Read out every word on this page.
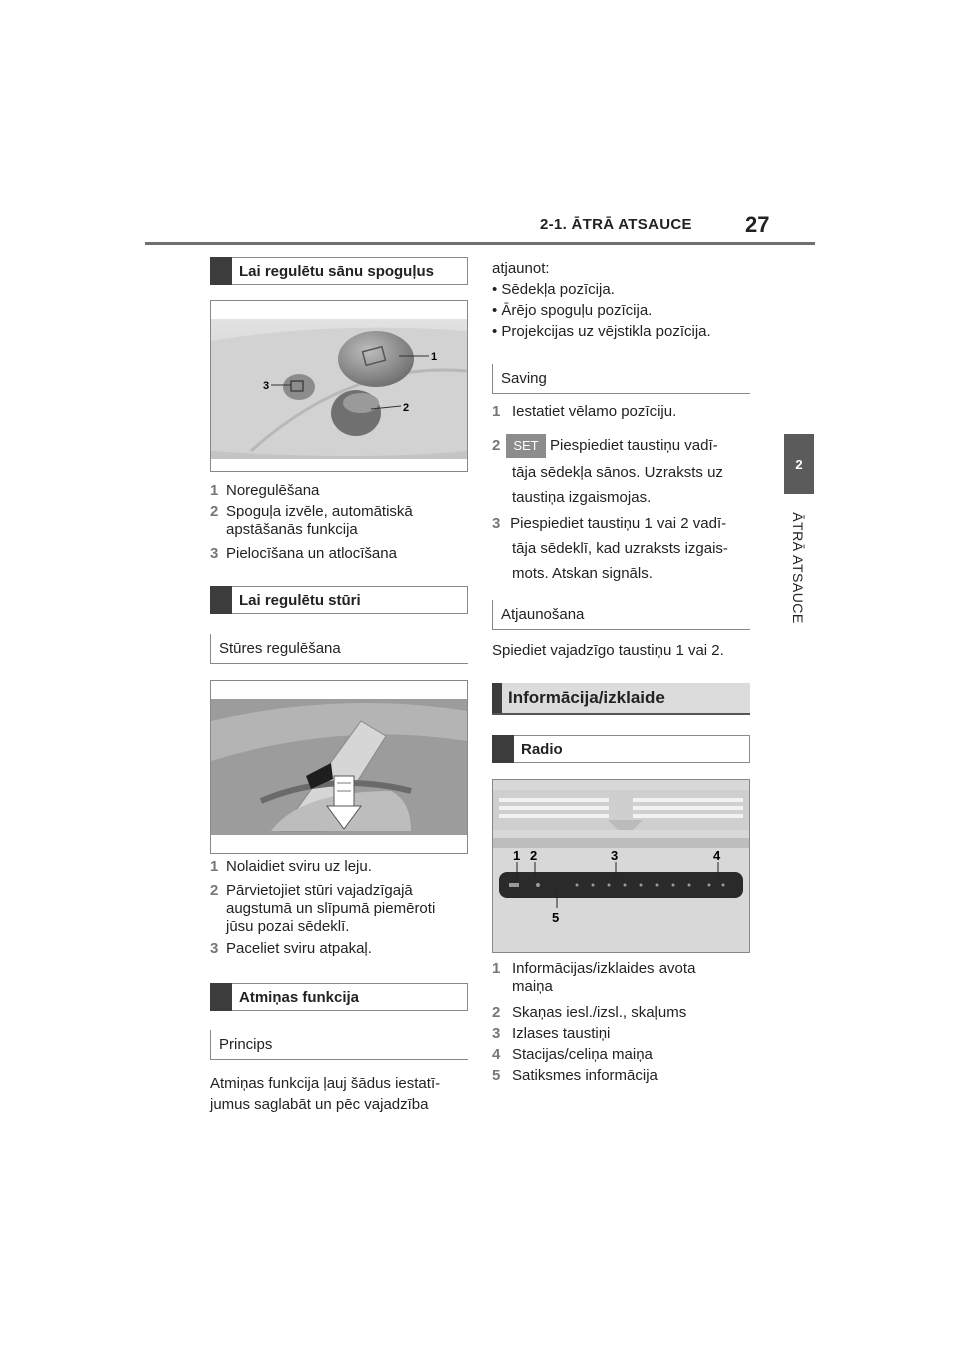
2-1. ĀTRĀ ATSAUCE 27
2
ĀTRĀ ATSAUCE
Lai regulētu sānu spoguļus
1
2
3
1 Noregulēšana
2 Spoguļa izvēle, automātiskā
apstāšanās funkcija
3 Pielocīšana un atlocīšana
Lai regulētu stūri
Stūres regulēšana
1 Nolaidiet sviru uz leju.
2 Pārvietojiet stūri vajadzīgajā
augstumā un slīpumā piemēroti
jūsu pozai sēdeklī.
3 Paceliet sviru atpakaļ.
Atmiņas funkcija
Princips
Atmiņas funkcija ļauj šādus iestatī-
jumus saglabāt un pēc vajadzība
atjaunot:
• Sēdekļa pozīcija.
• Ārējo spoguļu pozīcija.
• Projekcijas uz vējstikla pozīcija.
Saving
1 Iestatiet vēlamo pozīciju.
2 SET Piespiediet taustiņu vadī-
tāja sēdekļa sānos. Uzraksts uz
taustiņa izgaismojas.
3 Piespiediet taustiņu 1 vai 2 vadī-
tāja sēdeklī, kad uzraksts izgais-
mots. Atskan signāls.
Atjaunošana
Spiediet vajadzīgo taustiņu 1 vai 2.
Informācija/izklaide
Radio
1 2	3	4
5
1 Informācijas/izklaides avota
maiņa
2 Skaņas iesl./izsl., skaļums
3 Izlases taustiņi
4 Stacijas/celiņa maiņa
5 Satiksmes informācija
